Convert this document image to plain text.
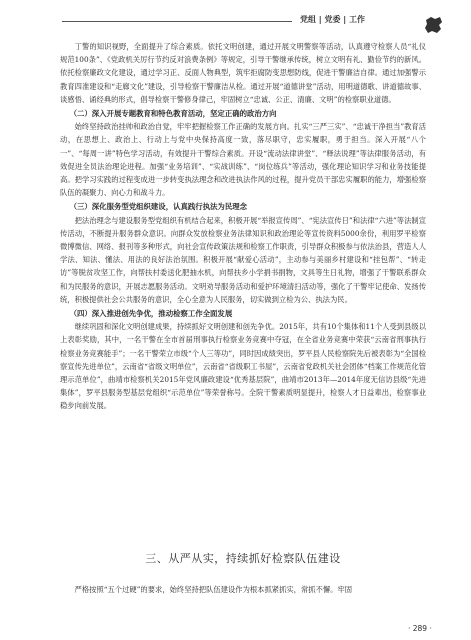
党组 | 党委 | 工作

丁警的知识视野，全面提升了综合素质。依托文明创建，通过开展文明警察等活动，认真遵守检察人员“礼仪规范100条”、《党政机关厉行节约反对浪费条例》等规定，引导干警继承传统，树立文明有礼、勤俭节约的新风。依托检察廉政文化建设，通过学习正、反面人物典型，筑牢拒腐防变思想防线，促进干警廉洁自律。通过加强警示教育四准建设和“走廊文化”建设，引导检察干警廉洁从检。通过开展“道德讲堂”活动，用明道德歌、讲道德故事、谈感悟、诵经典的形式，倡导检察干警修身律己，牢固树立“忠诚、公正、清廉、文明”的检察职业道德。

（二）深入开展专题教育和特色教育活动，坚定正确的政治方向

始终坚持政治挂帅和政治自觉，牢牢把握检察工作正确的发展方向。扎实“三严三实”、“忠诚干净担当”教育活动，在思想上、政治上、行动上与党中央保持高度一致，落尽职守，忠实履职，勇于担当。深入开展“八个一”、“每周一讲”特色学习活动，有效提升干警综合素质。开设“流动法律讲堂”、“释法说理”等法律服务活动，有效促进全员法治理论进程。加强“业务培训”、“实战训练”、“岗位练兵”等活动，强化理论知识学习和业务技能提高。把学习实践的过程变成进一步转变执法理念和改进执法作风的过程，提升党员干部忠实履职的能力，增强检察队伍的凝聚力、向心力和战斗力。

（三）深化服务型党组织建设，认真践行执法为民理念

把法治理念与建设服务型党组织有机结合起来，积极开展“举报宣传周”、“宪法宣传日”和法律“六进”等法制宣传活动，不断提升服务群众意识。向群众发放检察业务法律知识和政治理论等宣传资料5000余份，利用罗平检察微博微信、网络、报刊等多种形式，向社会宣传政策法规和检察工作职责，引导群众积极参与依法治县，营造人人学法、知法、懂法、用法的良好法治氛围。积极开展“献爱心活动”，主动参与美丽乡村建设和“挂包帮”、“转走访”等脱贫攻坚工作，向帮扶村委送化肥抽水机，向帮扶乡小学捐书捐物，文具等生日礼物，增强了干警联系群众和为民服务的意识，开展志愿服务活动。文明劝导服务活动和爱护环境清扫活动等，强化了干警牢记使命、发扬传统，积极提供社会公共服务的意识，全心全意为人民服务，切实做到立检为公、执法为民。

（四）深入推进创先争优，推动检察工作全面发展

继续巩固和深化文明创建成果，持续抓好文明创建和创先争优。2015年，共有10个集体和11个人受到县级以上表彰奖励，其中，一名干警在全市首届刑事执行检察业务竞赛中夺冠，在全省业务竞赛中荣获“云南省刑事执行检察业务竞赛能手”；一名干警荣立市级“个人三等功”，同时因成绩突出，罗平县人民检察院先后被表彰为“全国检察宣传先进单位”，云南省“省级文明单位”，云南省“省级职工书屋”，云南省党政机关社会团体“档案工作规范化管理示范单位”，曲靖市检察机关2015年党风廉政建设“优秀基层院”，曲靖市2013年—2014年度无信访县级“先进集体”，罗平县服务型基层党组织“示范单位”等荣誉称号。全院干警素质明显提升，检察人才日益辈出，检察事业稳步向前发展。

三、从严从实，持续抓好检察队伍建设
严格按照“五个过硬”的要求，始终坚持把队伍建设作为根本抓紧抓实，常抓不懈。牢固
· 289 ·
